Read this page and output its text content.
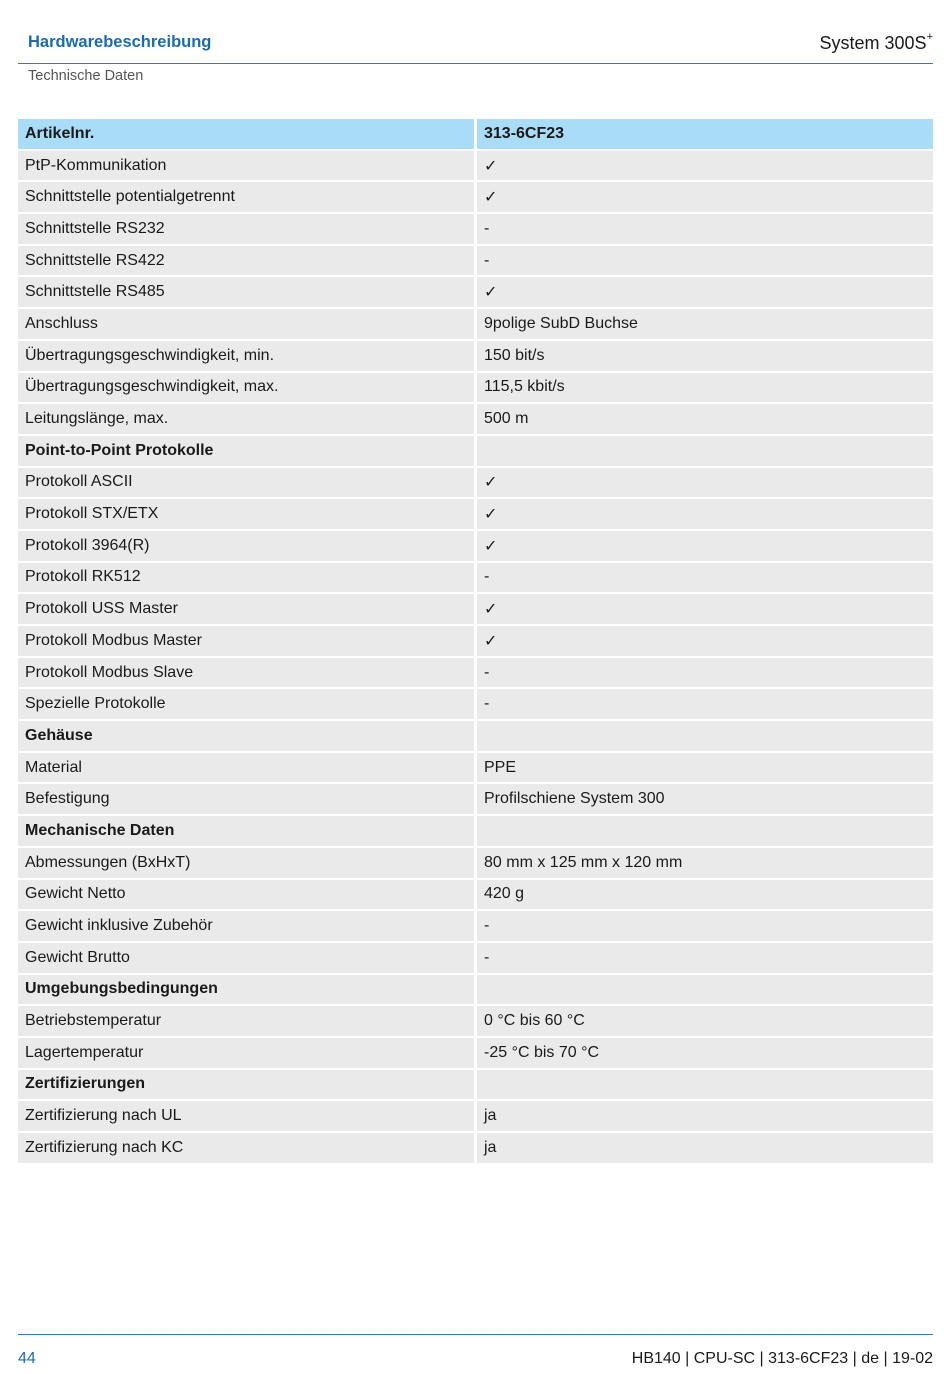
Hardwarebeschreibung	System 300S+
Technische Daten
Artikelnr.	313-6CF23
PtP-Kommunikation	✓
Schnittstelle potentialgetrennt	✓
Schnittstelle RS232	-
Schnittstelle RS422	-
Schnittstelle RS485	✓
Anschluss	9polige SubD Buchse
Übertragungsgeschwindigkeit, min.	150 bit/s
Übertragungsgeschwindigkeit, max.	115,5 kbit/s
Leitungslänge, max.	500 m
Point-to-Point Protokolle	
Protokoll ASCII	✓
Protokoll STX/ETX	✓
Protokoll 3964(R)	✓
Protokoll RK512	-
Protokoll USS Master	✓
Protokoll Modbus Master	✓
Protokoll Modbus Slave	-
Spezielle Protokolle	-
Gehäuse	
Material	PPE
Befestigung	Profilschiene System 300
Mechanische Daten	
Abmessungen (BxHxT)	80 mm x 125 mm x 120 mm
Gewicht Netto	420 g
Gewicht inklusive Zubehör	-
Gewicht Brutto	-
Umgebungsbedingungen	
Betriebstemperatur	0 °C bis 60 °C
Lagertemperatur	-25 °C bis 70 °C
Zertifizierungen	
Zertifizierung nach UL	ja
Zertifizierung nach KC	ja
44	HB140 | CPU-SC | 313-6CF23 | de | 19-02
